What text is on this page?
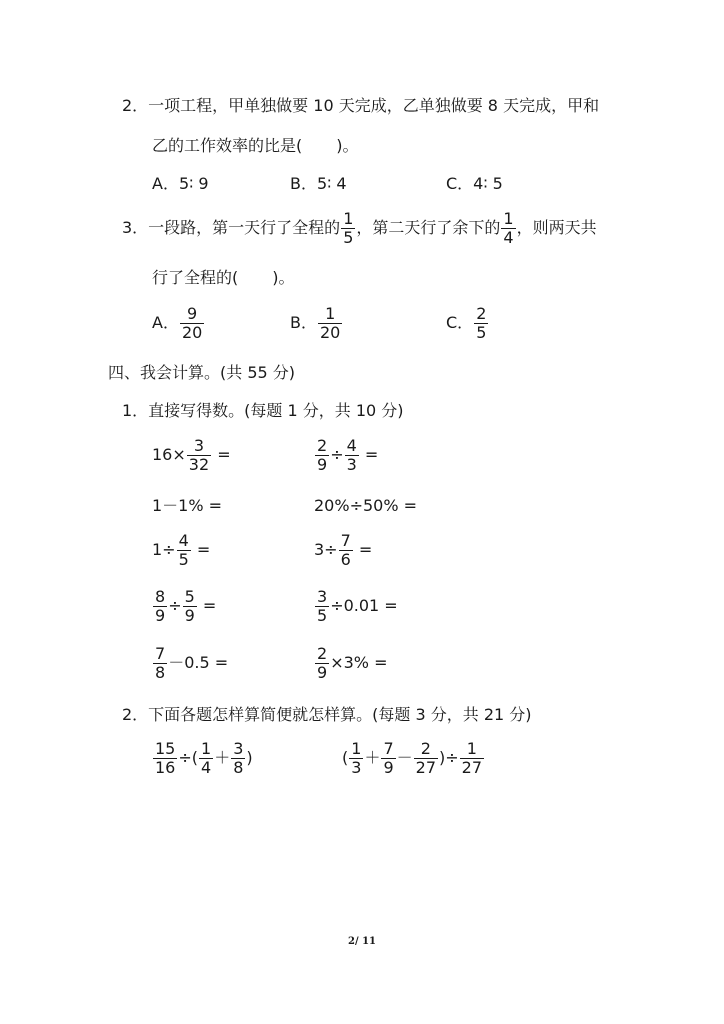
2．一项工程，甲单独做要 10 天完成，乙单独做要 8 天完成，甲和
乙的工作效率的比是( )。
A．5∶ 9	B．5∶ 4	C．4∶ 5
3．一段路，第一天行了全程的 $\frac{1}{5}$ ，第二天行了余下的 $\frac{1}{4}$ ，则两天共
行了全程的( )。
A． $\frac{9}{20}$	B． $\frac{1}{20}$	C． $\frac{2}{5}$
四、我会计算。(共 55 分)
1．直接写得数。(每题 1 分，共 10 分)
$16\times \frac{3}{32}$ =	$\frac{2}{9} \div \frac{4}{3}$ =
1－1% =	20%÷50% =
$1\div \frac{4}{5}$ =	$3\div \frac{7}{6}$ =
$\frac{8}{9} \div \frac{5}{9}$ =	$\frac{3}{5} \div 0.01$ =
$\frac{7}{8} -0.5$ =	$\frac{2}{9} \times 3\%$ =
2．下面各题怎样算简便就怎样算。(每题 3 分，共 21 分)
$\frac{15}{16}$ ÷( $\frac{1}{4} + \frac{3}{8}$ )	( $\frac{1}{3} + \frac{7}{9} - \frac{2}{27}$ )÷ $\frac{1}{27}$
2/ 11
